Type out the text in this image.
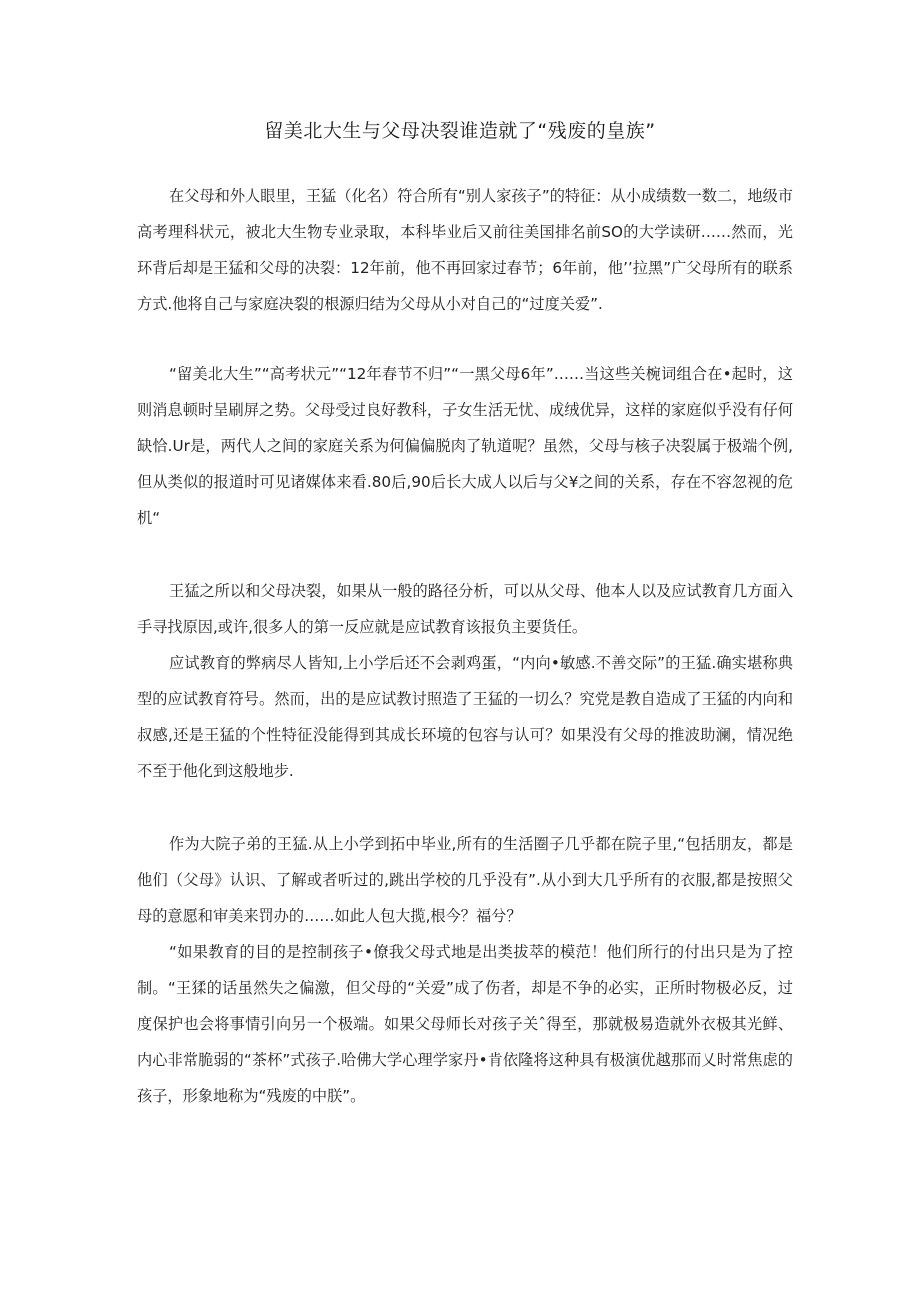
留美北大生与父母决裂谁造就了“残废的皇族”

在父母和外人眼里，王猛（化名）符合所有“别人家孩子”的特征：从小成绩数一数二，地级市高考理科状元，被北大生物专业录取，本科毕业后又前往美国排名前SO的大学读研……然而，光环背后却是王猛和父母的决裂：12年前，他不再回家过春节；6年前，他’’拉黑”广父母所有的联系方式.他将自己与家庭决裂的根源归结为父母从小对自己的“过度关爱”.

“留美北大生”“高考状元”“12年春节不归”“一黑父母6年”……当这些关椀词组合在•起时，这则消息顿时呈刷屏之势。父母受过良好教科，子女生活无忧、成绒优异，这样的家庭似乎没有仔何缺恰.Ur是，两代人之间的家庭关系为何偏偏脱肉了轨道呢？虽然，父母与核子决裂属于极端个例,但从类似的报道时可见诸媒体来看.80后,90后长大成人以后与父¥之间的关系，存在不容忽视的危机“

王猛之所以和父母决裂，如果从一般的路径分析，可以从父母、他本人以及应试教育几方面入手寻找原因,或许,很多人的第一反应就是应试教育该报负主要货任。

应试教育的弊病尽人皆知,上小学后还不会剥鸡蛋，“内向•敏感.不善交际”的王猛.确实堪称典型的应试教育符号。然而，出的是应试教讨照造了王猛的一切么？究党是教自造成了王猛的内向和叔感,还是王猛的个性特征没能得到其成长环境的包容与认可？如果没有父母的推波助澜，情况绝不至于他化到这般地步.

作为大院子弟的王猛.从上小学到拓中毕业,所有的生活圈子几乎都在院子里,“包括朋友，都是他们（父母》认识、了解或者听过的,跳出学校的几乎没有”.从小到大几乎所有的衣服,都是按照父母的意愿和审美来罚办的……如此人包大揽,根今？福兮？

“如果教育的目的是控制孩子•僚我父母式地是出类拔萃的模范！他们所行的付出只是为了控制。“王猱的话虽然失之偏激，但父母的“关爱”成了伤者，却是不争的必实，正所时物极必反，过度保护也会将事情引向另一个极端。如果父母师长对孩子关ˆ得至，那就极易造就外衣极其光鲜、内心非常脆弱的“茶杯”式孩子.哈佛大学心理学家丹•肯依隆将这种具有极演优越那而乂时常焦虑的孩子，形象地称为“残废的中朕”。
